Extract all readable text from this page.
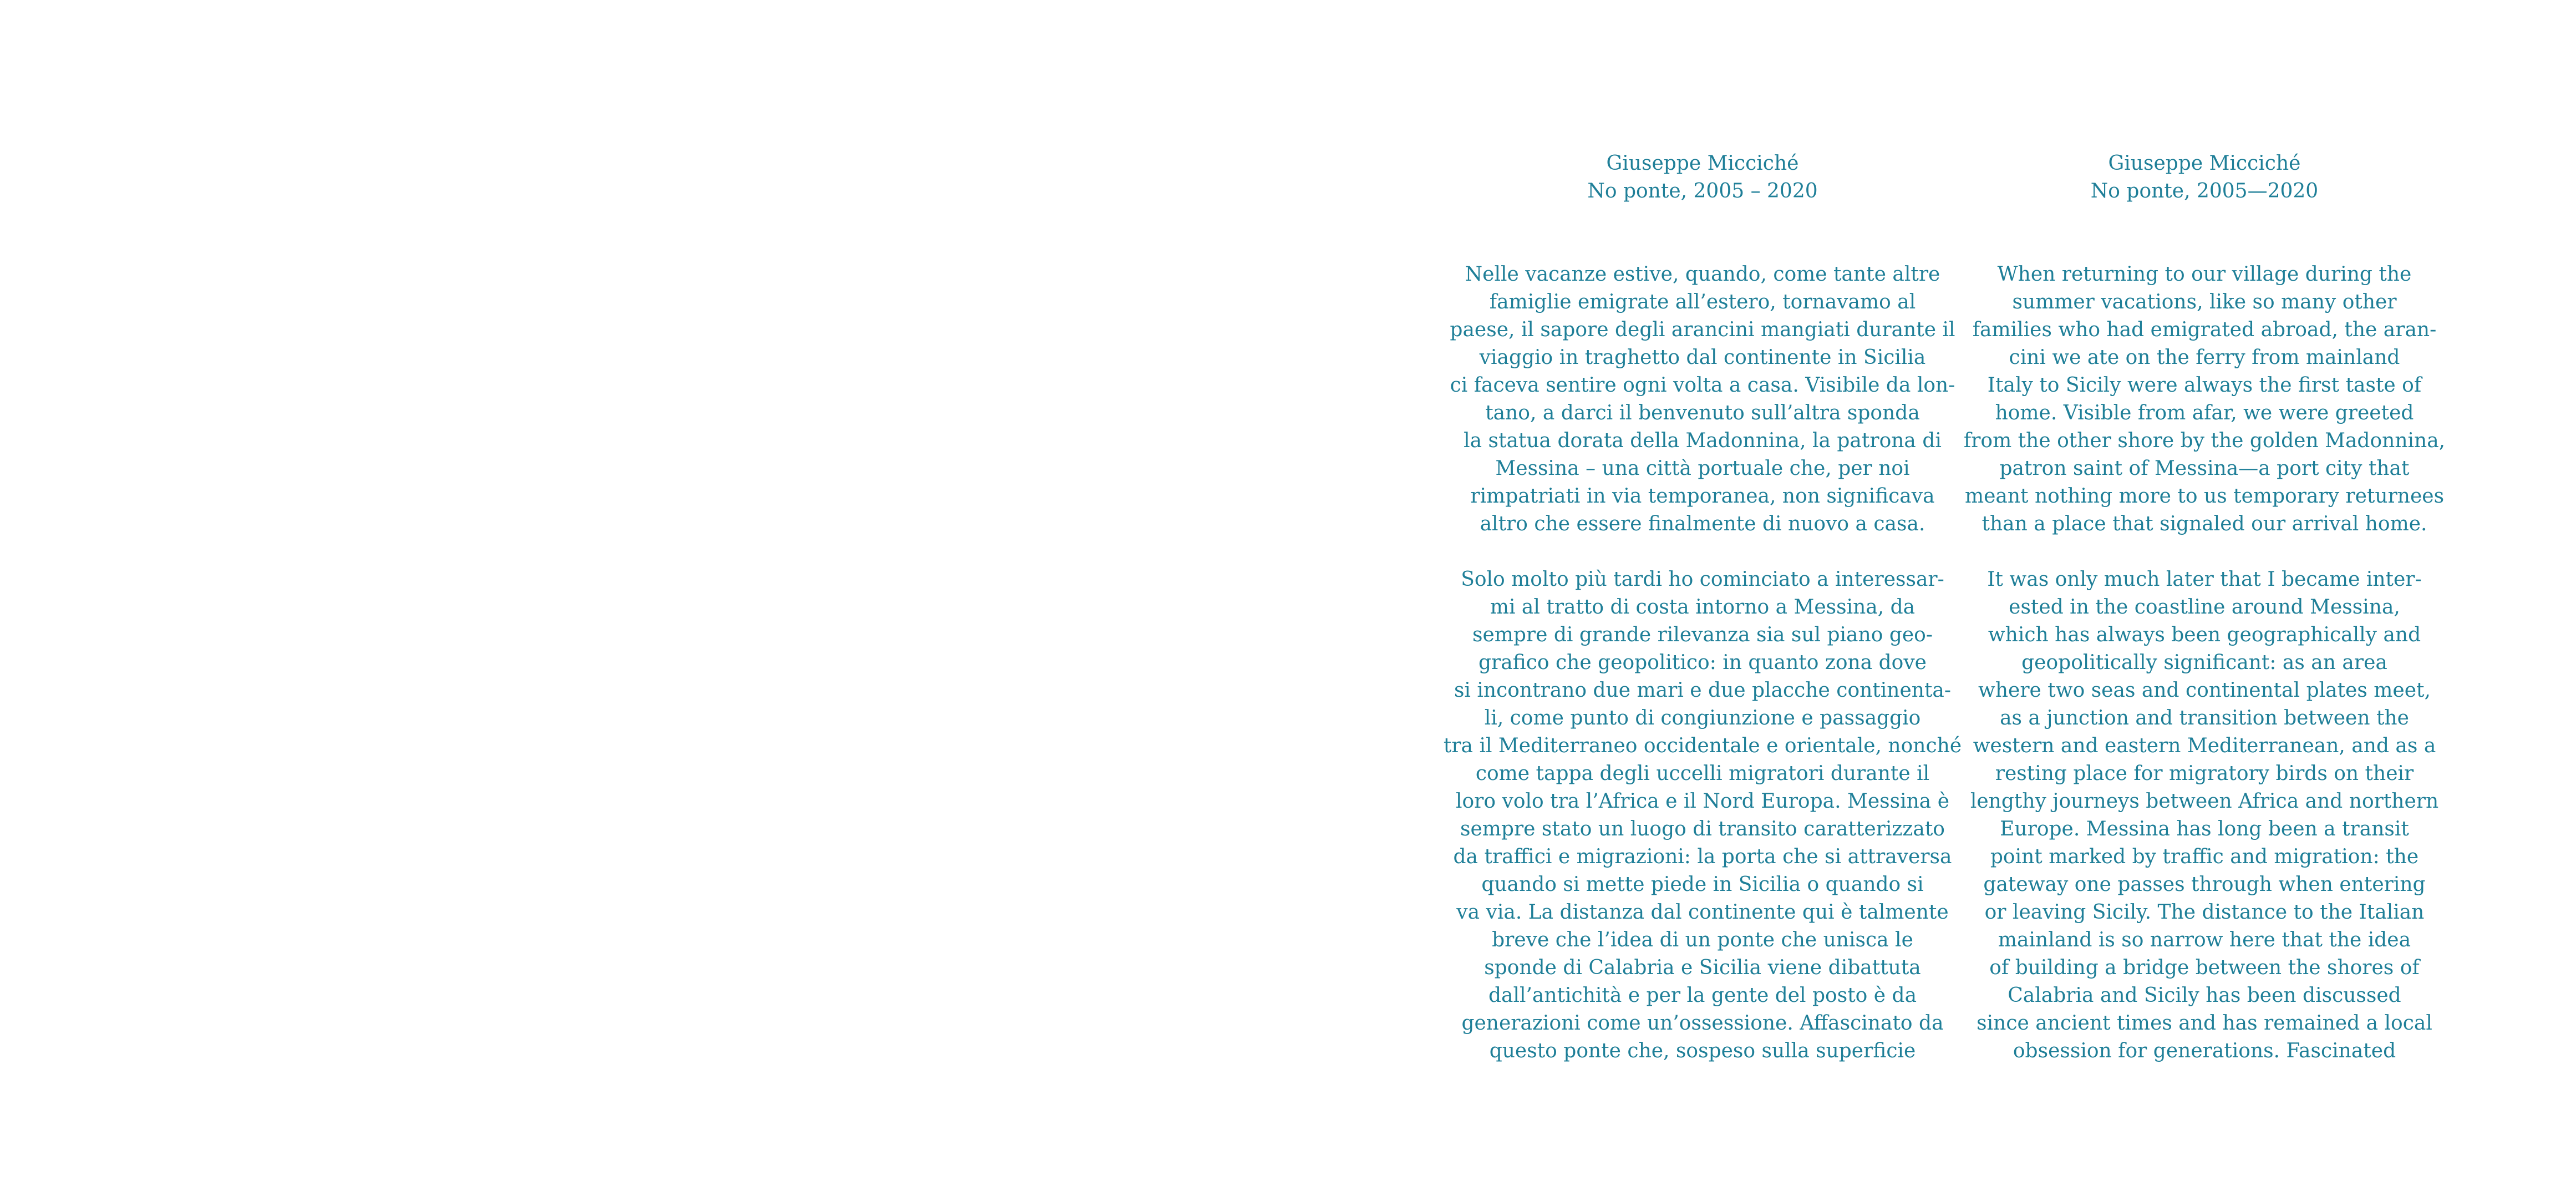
Giuseppe Micciché
No ponte, 2005 – 2020
Nelle vacanze estive, quando, come tante altre
famiglie emigrate all’estero, tornavamo al
paese, il sapore degli arancini mangiati durante il
viaggio in traghetto dal continente in Sicilia
ci faceva sentire ogni volta a casa. Visibile da lon-
tano, a darci il benvenuto sull’altra sponda
la statua dorata della Madonnina, la patrona di
Messina – una città portuale che, per noi
rimpatriati in via temporanea, non significava
altro che essere finalmente di nuovo a casa.
Solo molto più tardi ho cominciato a interessar-
mi al tratto di costa intorno a Messina, da
sempre di grande rilevanza sia sul piano geo-
grafico che geopolitico: in quanto zona dove
si incontrano due mari e due placche continenta-
li, come punto di congiunzione e passaggio
tra il Mediterraneo occidentale e orientale, nonché
come tappa degli uccelli migratori durante il
loro volo tra l’Africa e il Nord Europa. Messina è
sempre stato un luogo di transito caratterizzato
da traffici e migrazioni: la porta che si attraversa
quando si mette piede in Sicilia o quando si
va via. La distanza dal continente qui è talmente
breve che l’idea di un ponte che unisca le
sponde di Calabria e Sicilia viene dibattuta
dall’antichità e per la gente del posto è da
generazioni come un’ossessione. Affascinato da
questo ponte che, sospeso sulla superficie
Giuseppe Micciché
No ponte, 2005—2020
When returning to our village during the
summer vacations, like so many other
families who had emigrated abroad, the aran-
cini we ate on the ferry from mainland
Italy to Sicily were always the first taste of
home. Visible from afar, we were greeted
from the other shore by the golden Madonnina,
patron saint of Messina—a port city that
meant nothing more to us temporary returnees
than a place that signaled our arrival home.
It was only much later that I became inter-
ested in the coastline around Messina,
which has always been geographically and
geopolitically significant: as an area
where two seas and continental plates meet,
as a junction and transition between the
western and eastern Mediterranean, and as a
resting place for migratory birds on their
lengthy journeys between Africa and northern
Europe. Messina has long been a transit
point marked by traffic and migration: the
gateway one passes through when entering
or leaving Sicily. The distance to the Italian
mainland is so narrow here that the idea
of building a bridge between the shores of
Calabria and Sicily has been discussed
since ancient times and has remained a local
obsession for generations. Fascinated
